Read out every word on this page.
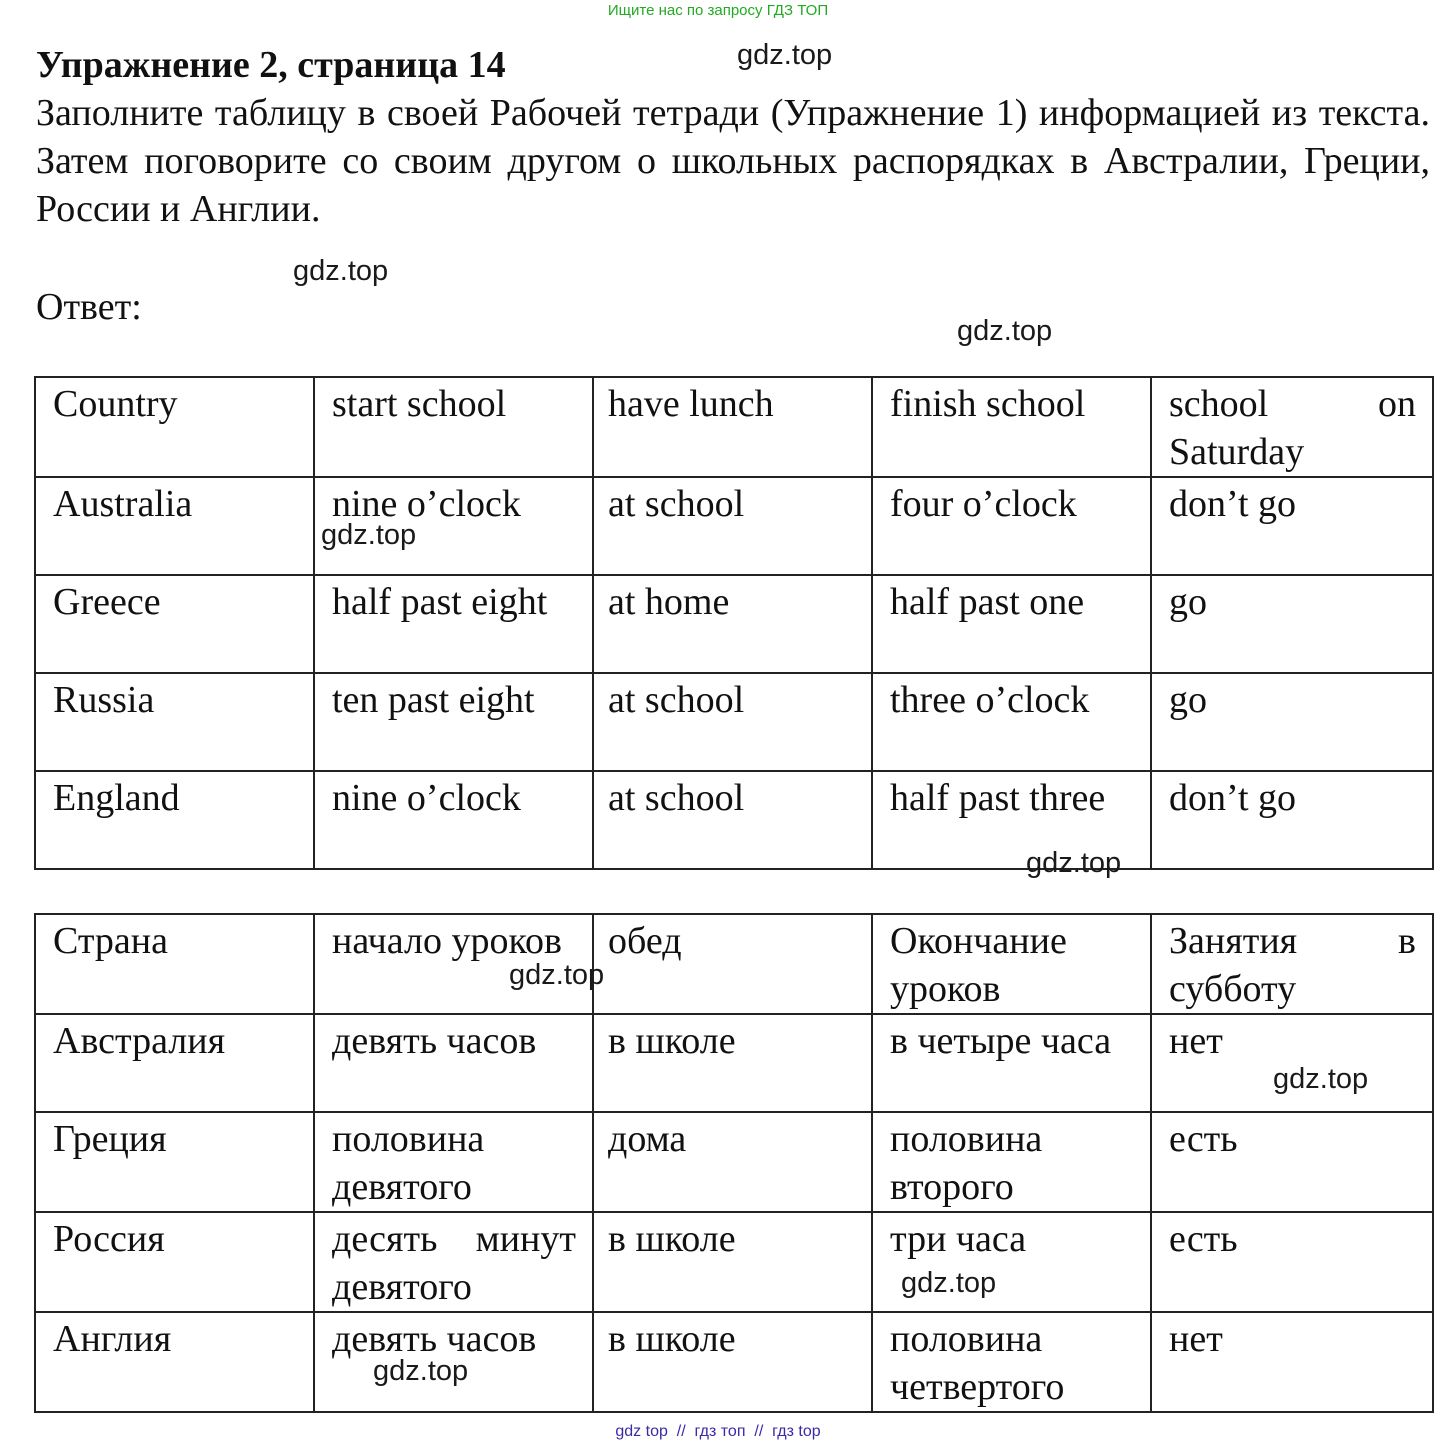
Ищите нас по запросу ГДЗ ТОП
Упражнение 2, страница 14
Заполните таблицу в своей Рабочей тетради (Упражнение 1) информацией из текста. Затем поговорите со своим другом о школьных распорядках в Австралии, Греции, России и Англии.
Ответ:
Country	start school	have lunch	finish school	school on Saturday
Australia	nine o’clock	at school	four o’clock	don’t go
Greece	half past eight	at home	half past one	go
Russia	ten past eight	at school	three o’clock	go
England	nine o’clock	at school	half past three	don’t go
Страна	начало уроков	обед	Окончание уроков	Занятия в субботу
Австралия	девять часов	в школе	в четыре часа	нет
Греция	половина девятого	дома	половина второго	есть
Россия	десять минут девятого	в школе	три часа	есть
Англия	девять часов	в школе	половина четвертого	нет
gdz.top
gdz.top
gdz.top
gdz.top
gdz.top
gdz.top
gdz.top
gdz.top
gdz.top
gdz top  //  гдз топ  //  гдз top
